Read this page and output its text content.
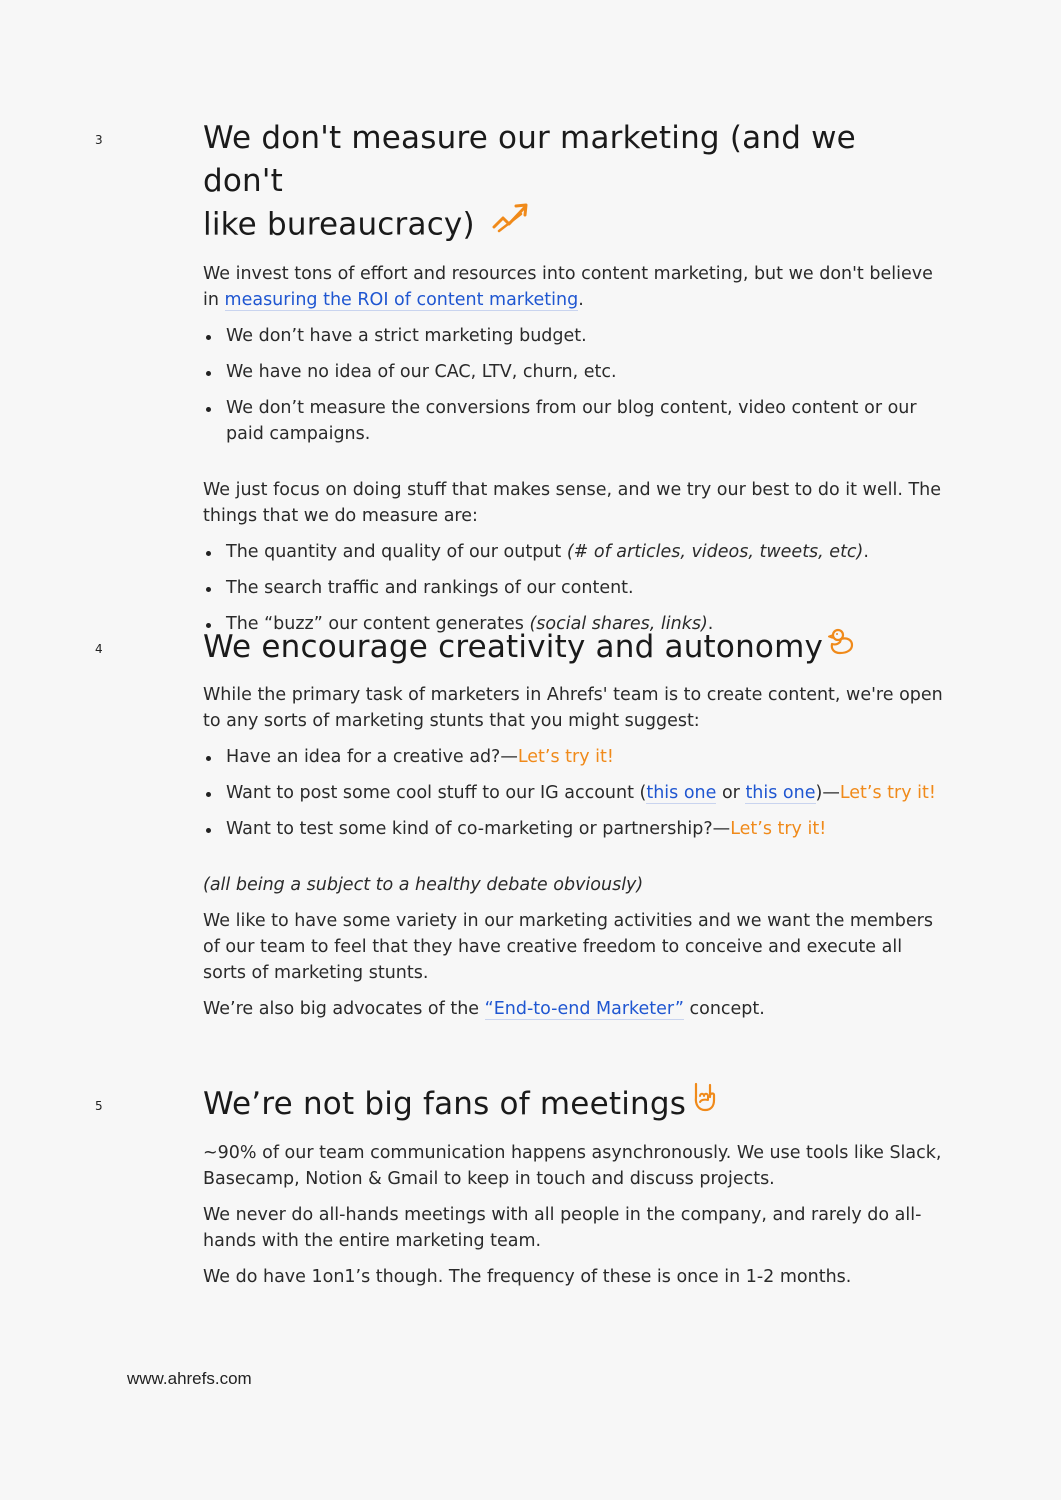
3	We don't measure our marketing (and we don't
like bureaucracy)

We invest tons of effort and resources into content marketing, but we don't believe in measuring the ROI of content marketing.

We don’t have a strict marketing budget.
We have no idea of our CAC, LTV, churn, etc.
We don’t measure the conversions from our blog content, video content or our paid campaigns.

We just focus on doing stuff that makes sense, and we try our best to do it well. The things that we do measure are:

The quantity and quality of our output (# of articles, videos, tweets, etc).
The search traffic and rankings of our content.
The “buzz” our content generates (social shares, links).
4	We encourage creativity and autonomy

While the primary task of marketers in Ahrefs' team is to create content, we're open to any sorts of marketing stunts that you might suggest:

Have an idea for a creative ad?—Let’s try it!
Want to post some cool stuff to our IG account (this one or this one)—Let’s try it!
Want to test some kind of co-marketing or partnership?—Let’s try it!

(all being a subject to a healthy debate obviously)

We like to have some variety in our marketing activities and we want the members of our team to feel that they have creative freedom to conceive and execute all sorts of marketing stunts.

We’re also big advocates of the “End-to-end Marketer” concept.

5	We’re not big fans of meetings

~90% of our team communication happens asynchronously. We use tools like Slack, Basecamp, Notion & Gmail to keep in touch and discuss projects.

We never do all-hands meetings with all people in the company, and rarely do all-hands with the entire marketing team.

We do have 1on1’s though. The frequency of these is once in 1-2 months.

www.ahrefs.com
